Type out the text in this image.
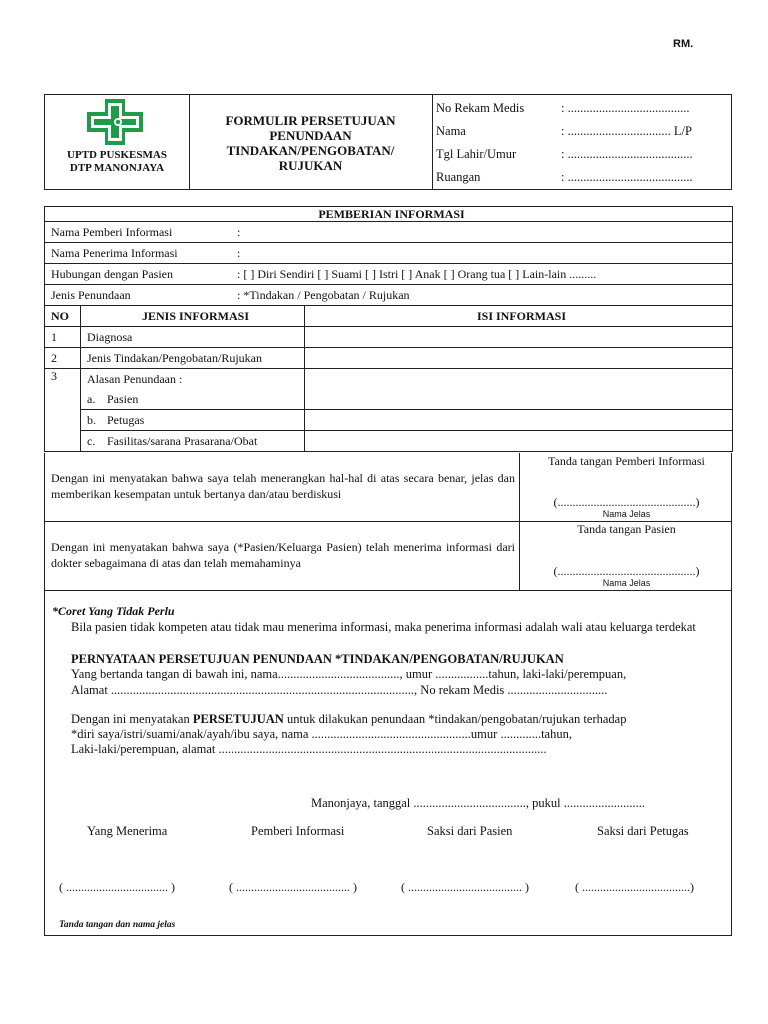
RM.
UPTD PUSKESMAS
DTP MANONJAYA
FORMULIR PERSETUJUAN
PENUNDAAN
TINDAKAN/PENGOBATAN/
RUJUKAN
No Rekam Medis	: .......................................
Nama	: ................................. L/P
Tgl Lahir/Umur	: ........................................
Ruangan	: ........................................
PEMBERIAN INFORMASI		
Nama Pemberi Informasi :		
Nama Penerima Informasi :		
Hubungan dengan Pasien : [ ] Diri Sendiri [ ] Suami [ ] Istri [ ] Anak [ ] Orang tua [ ] Lain-lain .........		
Jenis Penundaan : *Tindakan / Pengobatan / Rujukan		
NO	JENIS INFORMASI	ISI INFORMASI
1	Diagnosa	
2	Jenis Tindakan/Pengobatan/Rujukan	
3	Alasan Penundaan :	
	a. Pasien	
	b. Petugas	
	c. Fasilitas/sarana Prasarana/Obat	
Dengan ini menyatakan bahwa saya telah menerangkan hal-hal di atas secara benar, jelas dan memberikan kesempatan untuk bertanya dan/atau berdiskusi
Tanda tangan Pemberi Informasi
(..............................................)
Nama Jelas
Dengan ini menyatakan bahwa saya (*Pasien/Keluarga Pasien) telah menerima informasi dari dokter sebagaimana di atas dan telah memahaminya
Tanda tangan Pasien
(..............................................)
Nama Jelas
*Coret Yang Tidak Perlu
Bila pasien tidak kompeten atau tidak mau menerima informasi, maka penerima informasi adalah wali atau keluarga terdekat
PERNYATAAN PERSETUJUAN PENUNDAAN *TINDAKAN/PENGOBATAN/RUJUKAN
Yang bertanda tangan di bawah ini, nama......................................., umur .................tahun, laki-laki/perempuan,
Alamat ................................................................................................., No rekam Medis ................................
Dengan ini menyatakan PERSETUJUAN untuk dilakukan penundaan *tindakan/pengobatan/rujukan terhadap
*diri saya/istri/suami/anak/ayah/ibu saya, nama ...................................................umur .............tahun,
Laki-laki/perempuan, alamat .........................................................................................................
Manonjaya, tanggal ...................................., pukul ..........................
Yang Menerima	Pemberi Informasi	Saksi dari Pasien	Saksi dari Petugas
( .................................. )	( ...................................... )	( ...................................... )	( ....................................)
Tanda tangan dan nama jelas
